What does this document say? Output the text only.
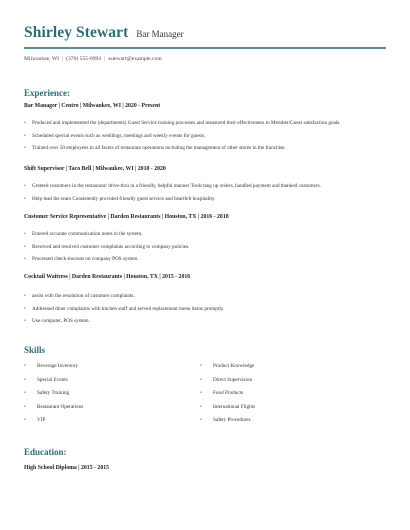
Shirley Stewart Bar Manager
Milwaukee, WI | (370) 555-0994 | sstewart@example.com
Experience:
Bar Manager | Centro | Milwaukee, WI | 2020 - Present
• Produced and implemented the (departments) Guest Service training processes and measured their effectiveness to Member/Guest satisfaction goals.
• Scheduled special events such as weddings, meetings and weekly events for guests.
• Trained over 50 employees in all facets of restaurant operations including the management of other stores in the franchise.
Shift Supervisor | Taco Bell | Milwaukee, WI | 2018 - 2020
• Greeted customers in the restaurant/ drive-thru in a friendly, helpful manner Took/rang up orders, handled payment and thanked customers.
• Help lead the team Consistently provided friendly guest service and heartfelt hospitality.
Customer Service Representative | Darden Restaurants | Houston, TX | 2016 - 2018
• Entered accurate communication notes in the system.
• Received and resolved customer complaints according to company policies.
• Processed check-ins/outs on company POS system.
Cocktail Waitress | Darden Restaurants | Houston, TX | 2015 - 2016
• assist with the resolution of customer complaints.
• Addressed diner complaints with kitchen staff and served replacement menu items promptly.
• Use computer, POS system.
Skills
• Beverage Inventory
• Special Events
• Safety Training
• Restaurant Operations
• VIP
• Product Knowledge
• Direct Supervision
• Food Products
• International Flights
• Safety Procedures
Education:
High School Diploma | 2015 - 2015
